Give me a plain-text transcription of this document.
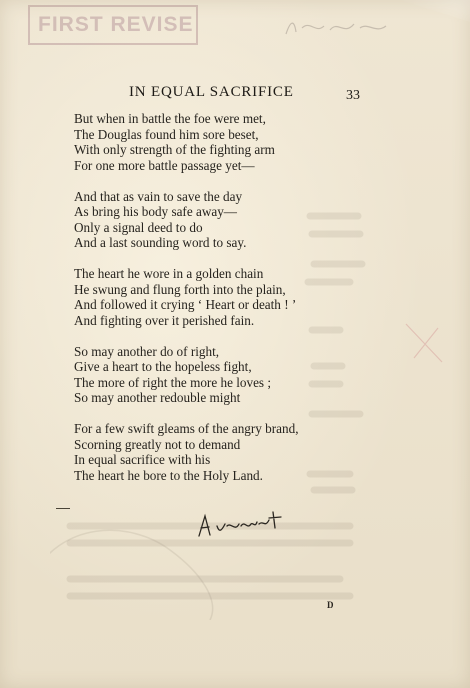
FIRST REVISE
IN EQUAL SACRIFICE	33
But when in battle the foe were met,
The Douglas found him sore beset,
With only strength of the fighting arm
For one more battle passage yet—
And that as vain to save the day
As bring his body safe away—
Only a signal deed to do
And a last sounding word to say.
The heart he wore in a golden chain
He swung and flung forth into the plain,
And followed it crying ‘ Heart or death ! ’
And fighting over it perished fain.
So may another do of right,
Give a heart to the hopeless fight,
The more of right the more he loves ;
So may another redouble might
For a few swift gleams of the angry brand,
Scorning greatly not to demand
In equal sacrifice with his
The heart he bore to the Holy Land.
D
